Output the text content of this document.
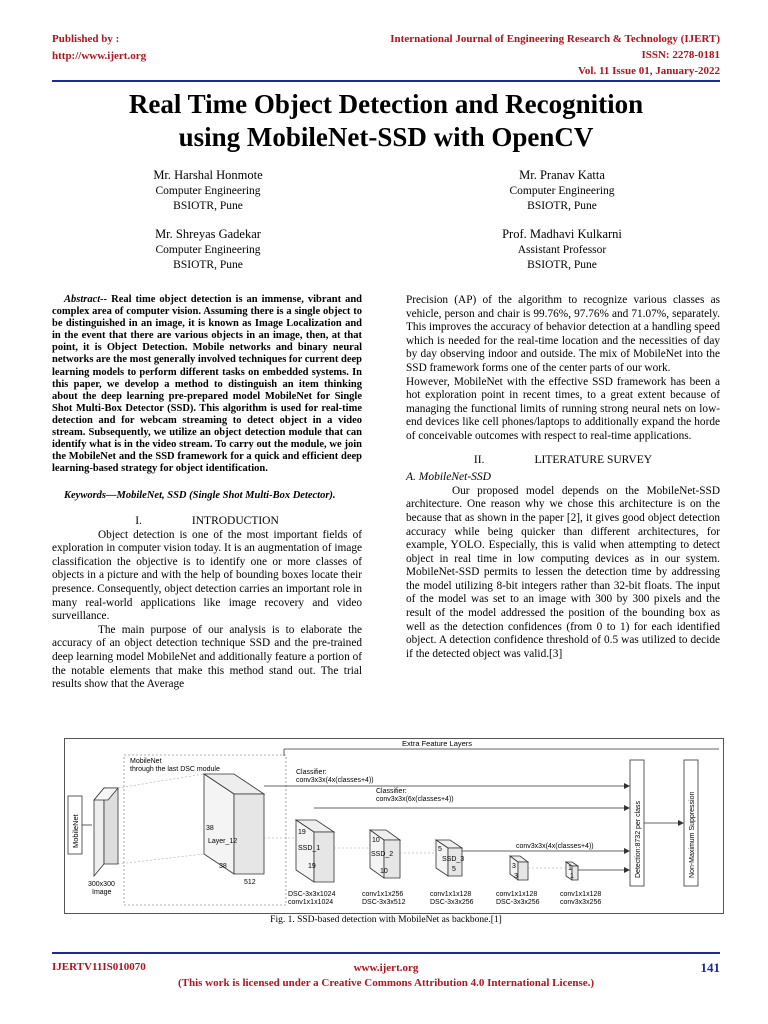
Published by :
http://www.ijert.org
International Journal of Engineering Research & Technology (IJERT)
ISSN: 2278-0181
Vol. 11 Issue 01, January-2022
Real Time Object Detection and Recognition
using MobileNet-SSD with OpenCV
Mr. Harshal Honmote
Computer Engineering
BSIOTR, Pune
Mr. Pranav Katta
Computer Engineering
BSIOTR, Pune
Mr. Shreyas Gadekar
Computer Engineering
BSIOTR, Pune
Prof. Madhavi Kulkarni
Assistant Professor
BSIOTR, Pune
Abstract-- Real time object detection is an immense, vibrant and complex area of computer vision. Assuming there is a single object to be distinguished in an image, it is known as Image Localization and in the event that there are various objects in an image, then, at that point, it is Object Detection. Mobile networks and binary neural networks are the most generally involved techniques for current deep learning models to perform different tasks on embedded systems. In this paper, we develop a method to distinguish an item thinking about the deep learning pre-prepared model MobileNet for Single Shot Multi-Box Detector (SSD). This algorithm is used for real-time detection and for webcam streaming to detect object in a video stream. Subsequently, we utilize an object detection module that can identify what is in the video stream. To carry out the module, we join the MobileNet and the SSD framework for a quick and efficient deep learning-based strategy for object identification.
Keywords—MobileNet, SSD (Single Shot Multi-Box Detector).
I.	INTRODUCTION
Object detection is one of the most important fields of exploration in computer vision today. It is an augmentation of image classification the objective is to identify one or more classes of objects in a picture and with the help of bounding boxes locate their presence. Consequently, object detection carries an important role in many real-world applications like image recovery and video surveillance.
The main purpose of our analysis is to elaborate the accuracy of an object detection technique SSD and the pre-trained deep learning model MobileNet and additionally feature a portion of the notable elements that make this method stand out. The trial results show that the Average
Precision (AP) of the algorithm to recognize various classes as vehicle, person and chair is 99.76%, 97.76% and 71.07%, separately. This improves the accuracy of behavior detection at a handling speed which is needed for the real-time location and the necessities of day by day observing indoor and outside. The mix of MobileNet into the SSD framework forms one of the center parts of our work.
However, MobileNet with the effective SSD framework has been a hot exploration point in recent times, to a great extent because of managing the functional limits of running strong neural nets on low-end devices like cell phones/laptops to additionally expand the horde of conceivable outcomes with respect to real-time applications.
II.	LITERATURE SURVEY
A. MobileNet-SSD
Our proposed model depends on the MobileNet-SSD architecture. One reason why we chose this architecture is on the because that as shown in the paper [2], it gives good object detection accuracy while being quicker than different architectures, for example, YOLO. Especially, this is valid when attempting to detect object in real time in low computing devices as in our system. MobileNet-SSD permits to lessen the detection time by addressing the model utilizing 8-bit integers rather than 32-bit floats. The input of the model was set to an image with 300 by 300 pixels and the result of the model addressed the position of the bounding box as well as the detection confidences (from 0 to 1) for each identified object. A detection confidence threshold of 0.5 was utilized to decide if the detected object was valid.[3]
Extra Feature Layers
MobileNet
through the last DSC module
MobileNet
300x300
Image
38
Layer_12
38
512
Classifier:
conv3x3x(4x(classes+4))
Classifier:
conv3x3x(6x(classes+4))
19
SSD_1
19
10
SSD_2
10
5
SSD_3
5
conv3x3x(4x(classes+4))
3
3
1
1
DSC-3x3x1024
conv1x1x1024
conv1x1x256
DSC-3x3x512
conv1x1x128
DSC-3x3x256
conv1x1x128
DSC-3x3x256
conv1x1x128
conv3x3x256
Detection:8732 per class	Non-Maximum Suppression
Fig. 1. SSD-based detection with MobileNet as backbone.[1]
IJERTV11IS010070	www.ijert.org
(This work is licensed under a Creative Commons Attribution 4.0 International License.)
141
